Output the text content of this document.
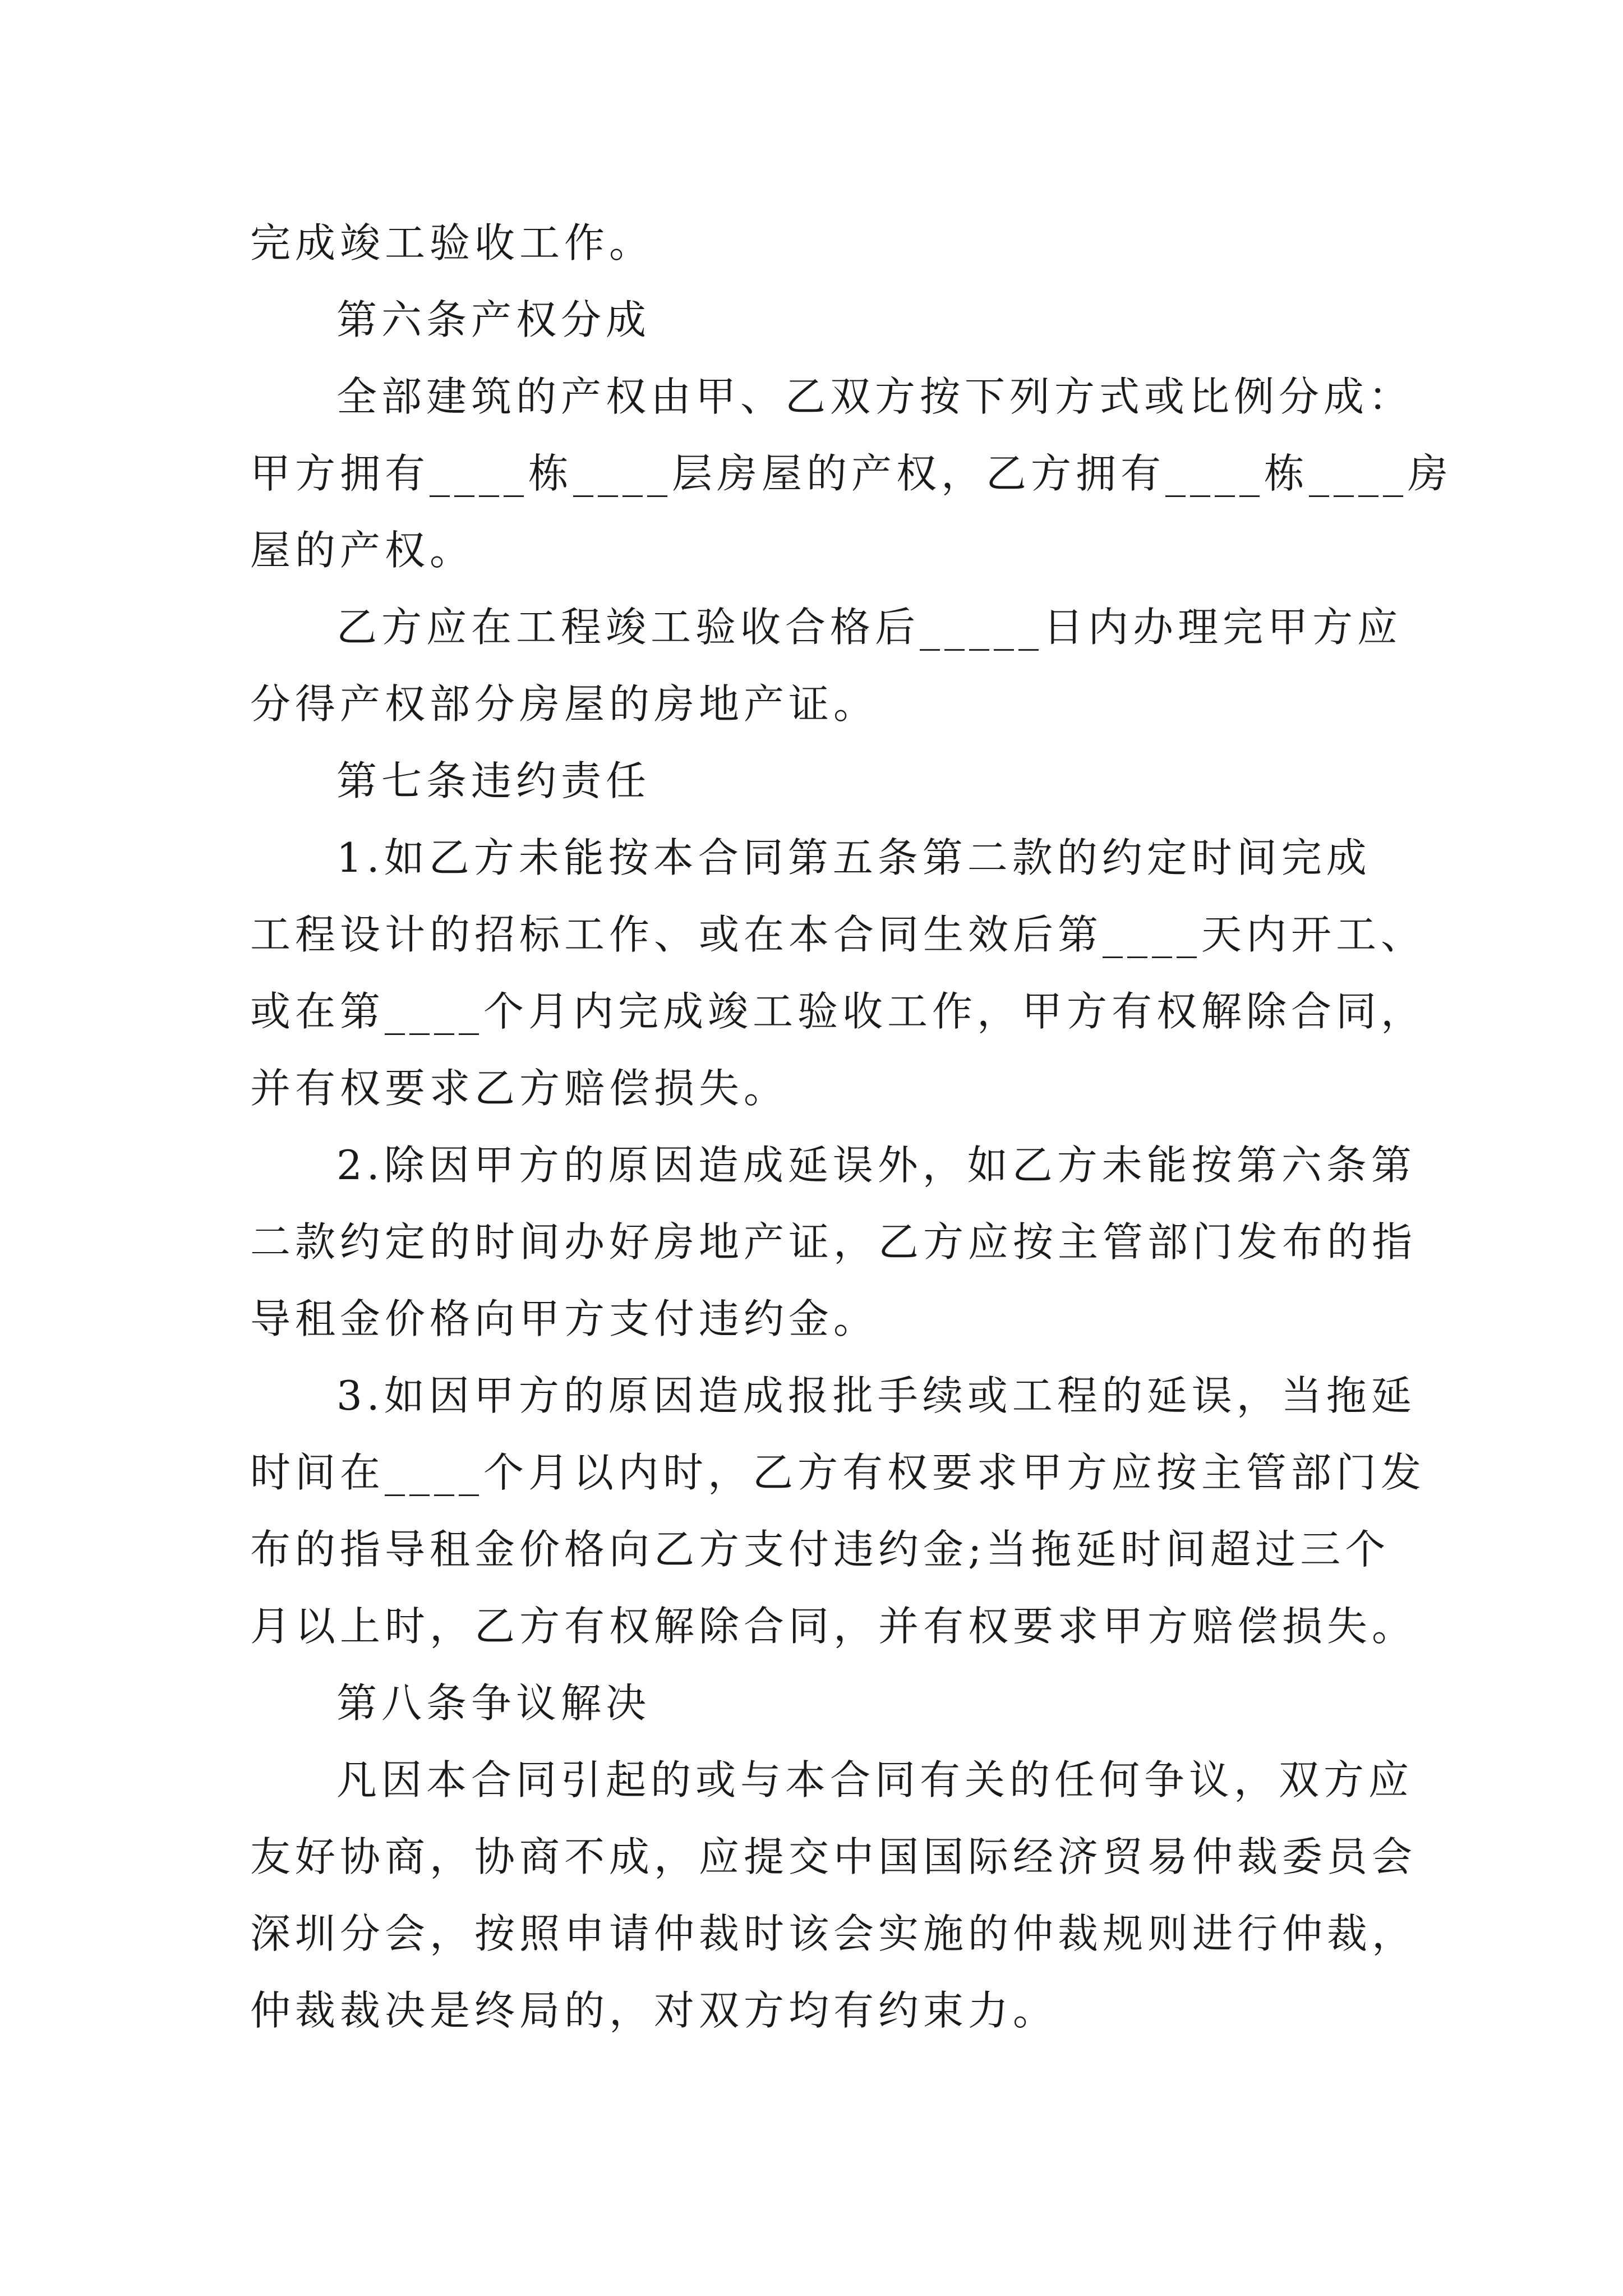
完成竣工验收工作。
第六条产权分成
全部建筑的产权由甲、乙双方按下列方式或比例分成：
甲方拥有____栋____层房屋的产权，乙方拥有____栋____房
屋的产权。
乙方应在工程竣工验收合格后_____日内办理完甲方应
分得产权部分房屋的房地产证。
第七条违约责任
1.如乙方未能按本合同第五条第二款的约定时间完成
工程设计的招标工作、或在本合同生效后第____天内开工、
或在第____个月内完成竣工验收工作，甲方有权解除合同，
并有权要求乙方赔偿损失。
2.除因甲方的原因造成延误外，如乙方未能按第六条第
二款约定的时间办好房地产证，乙方应按主管部门发布的指
导租金价格向甲方支付违约金。
3.如因甲方的原因造成报批手续或工程的延误，当拖延
时间在____个月以内时，乙方有权要求甲方应按主管部门发
布的指导租金价格向乙方支付违约金;当拖延时间超过三个
月以上时，乙方有权解除合同，并有权要求甲方赔偿损失。
第八条争议解决
凡因本合同引起的或与本合同有关的任何争议，双方应
友好协商，协商不成，应提交中国国际经济贸易仲裁委员会
深圳分会，按照申请仲裁时该会实施的仲裁规则进行仲裁，
仲裁裁决是终局的，对双方均有约束力。
